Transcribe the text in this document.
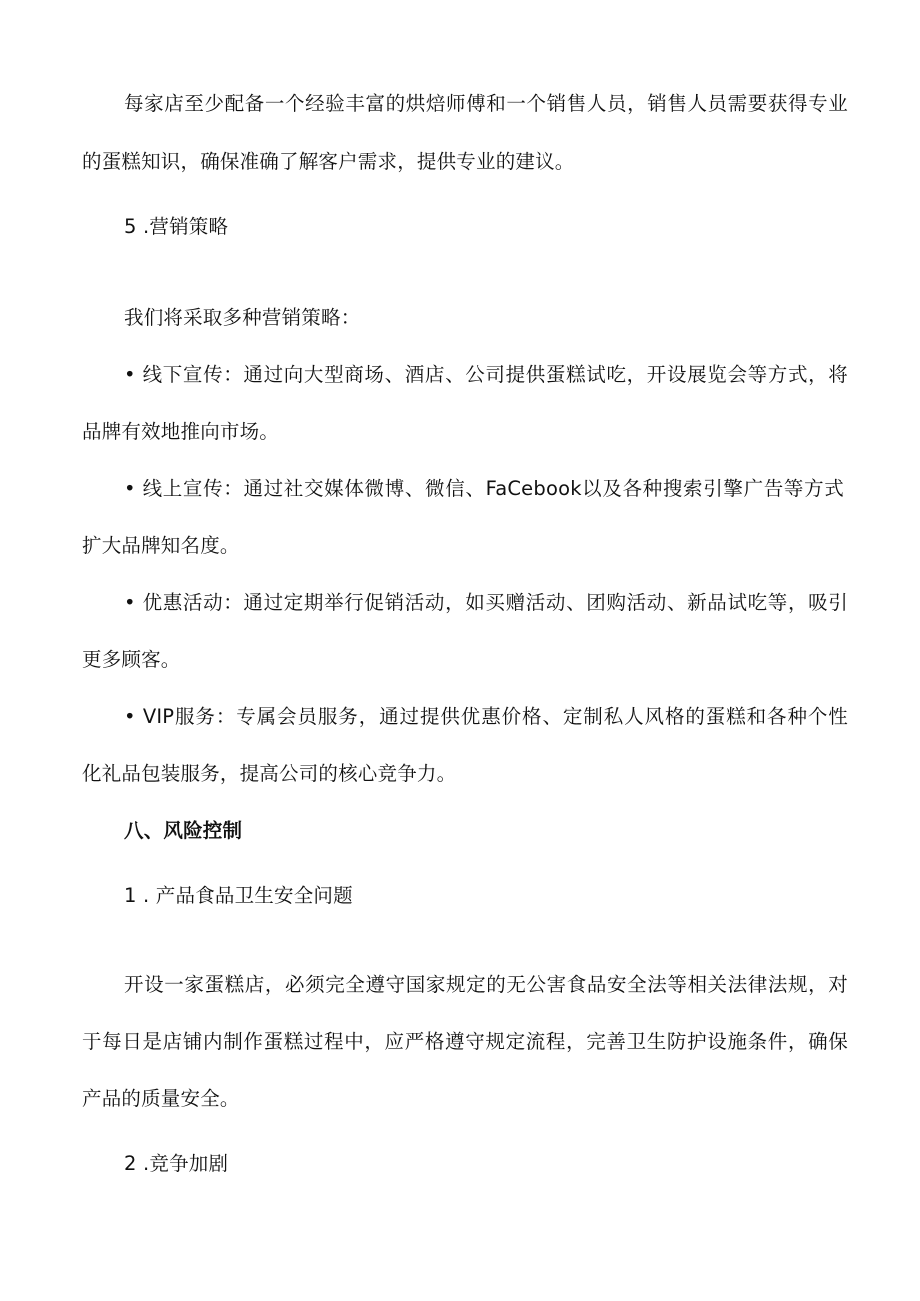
每家店至少配备一个经验丰富的烘焙师傅和一个销售人员，销售人员需要获得专业
的蛋糕知识，确保准确了解客户需求，提供专业的建议。
5 .营销策略
我们将采取多种营销策略：
• 线下宣传：通过向大型商场、酒店、公司提供蛋糕试吃，开设展览会等方式，将
品牌有效地推向市场。
• 线上宣传：通过社交媒体微博、微信、FaCebook以及各种搜索引擎广告等方式
扩大品牌知名度。
• 优惠活动：通过定期举行促销活动，如买赠活动、团购活动、新品试吃等，吸引
更多顾客。
• VIP服务：专属会员服务，通过提供优惠价格、定制私人风格的蛋糕和各种个性
化礼品包装服务，提高公司的核心竞争力。
八、风险控制
1 . 产品食品卫生安全问题
开设一家蛋糕店，必须完全遵守国家规定的无公害食品安全法等相关法律法规，对
于每日是店铺内制作蛋糕过程中，应严格遵守规定流程，完善卫生防护设施条件，确保
产品的质量安全。
2 .竞争加剧
